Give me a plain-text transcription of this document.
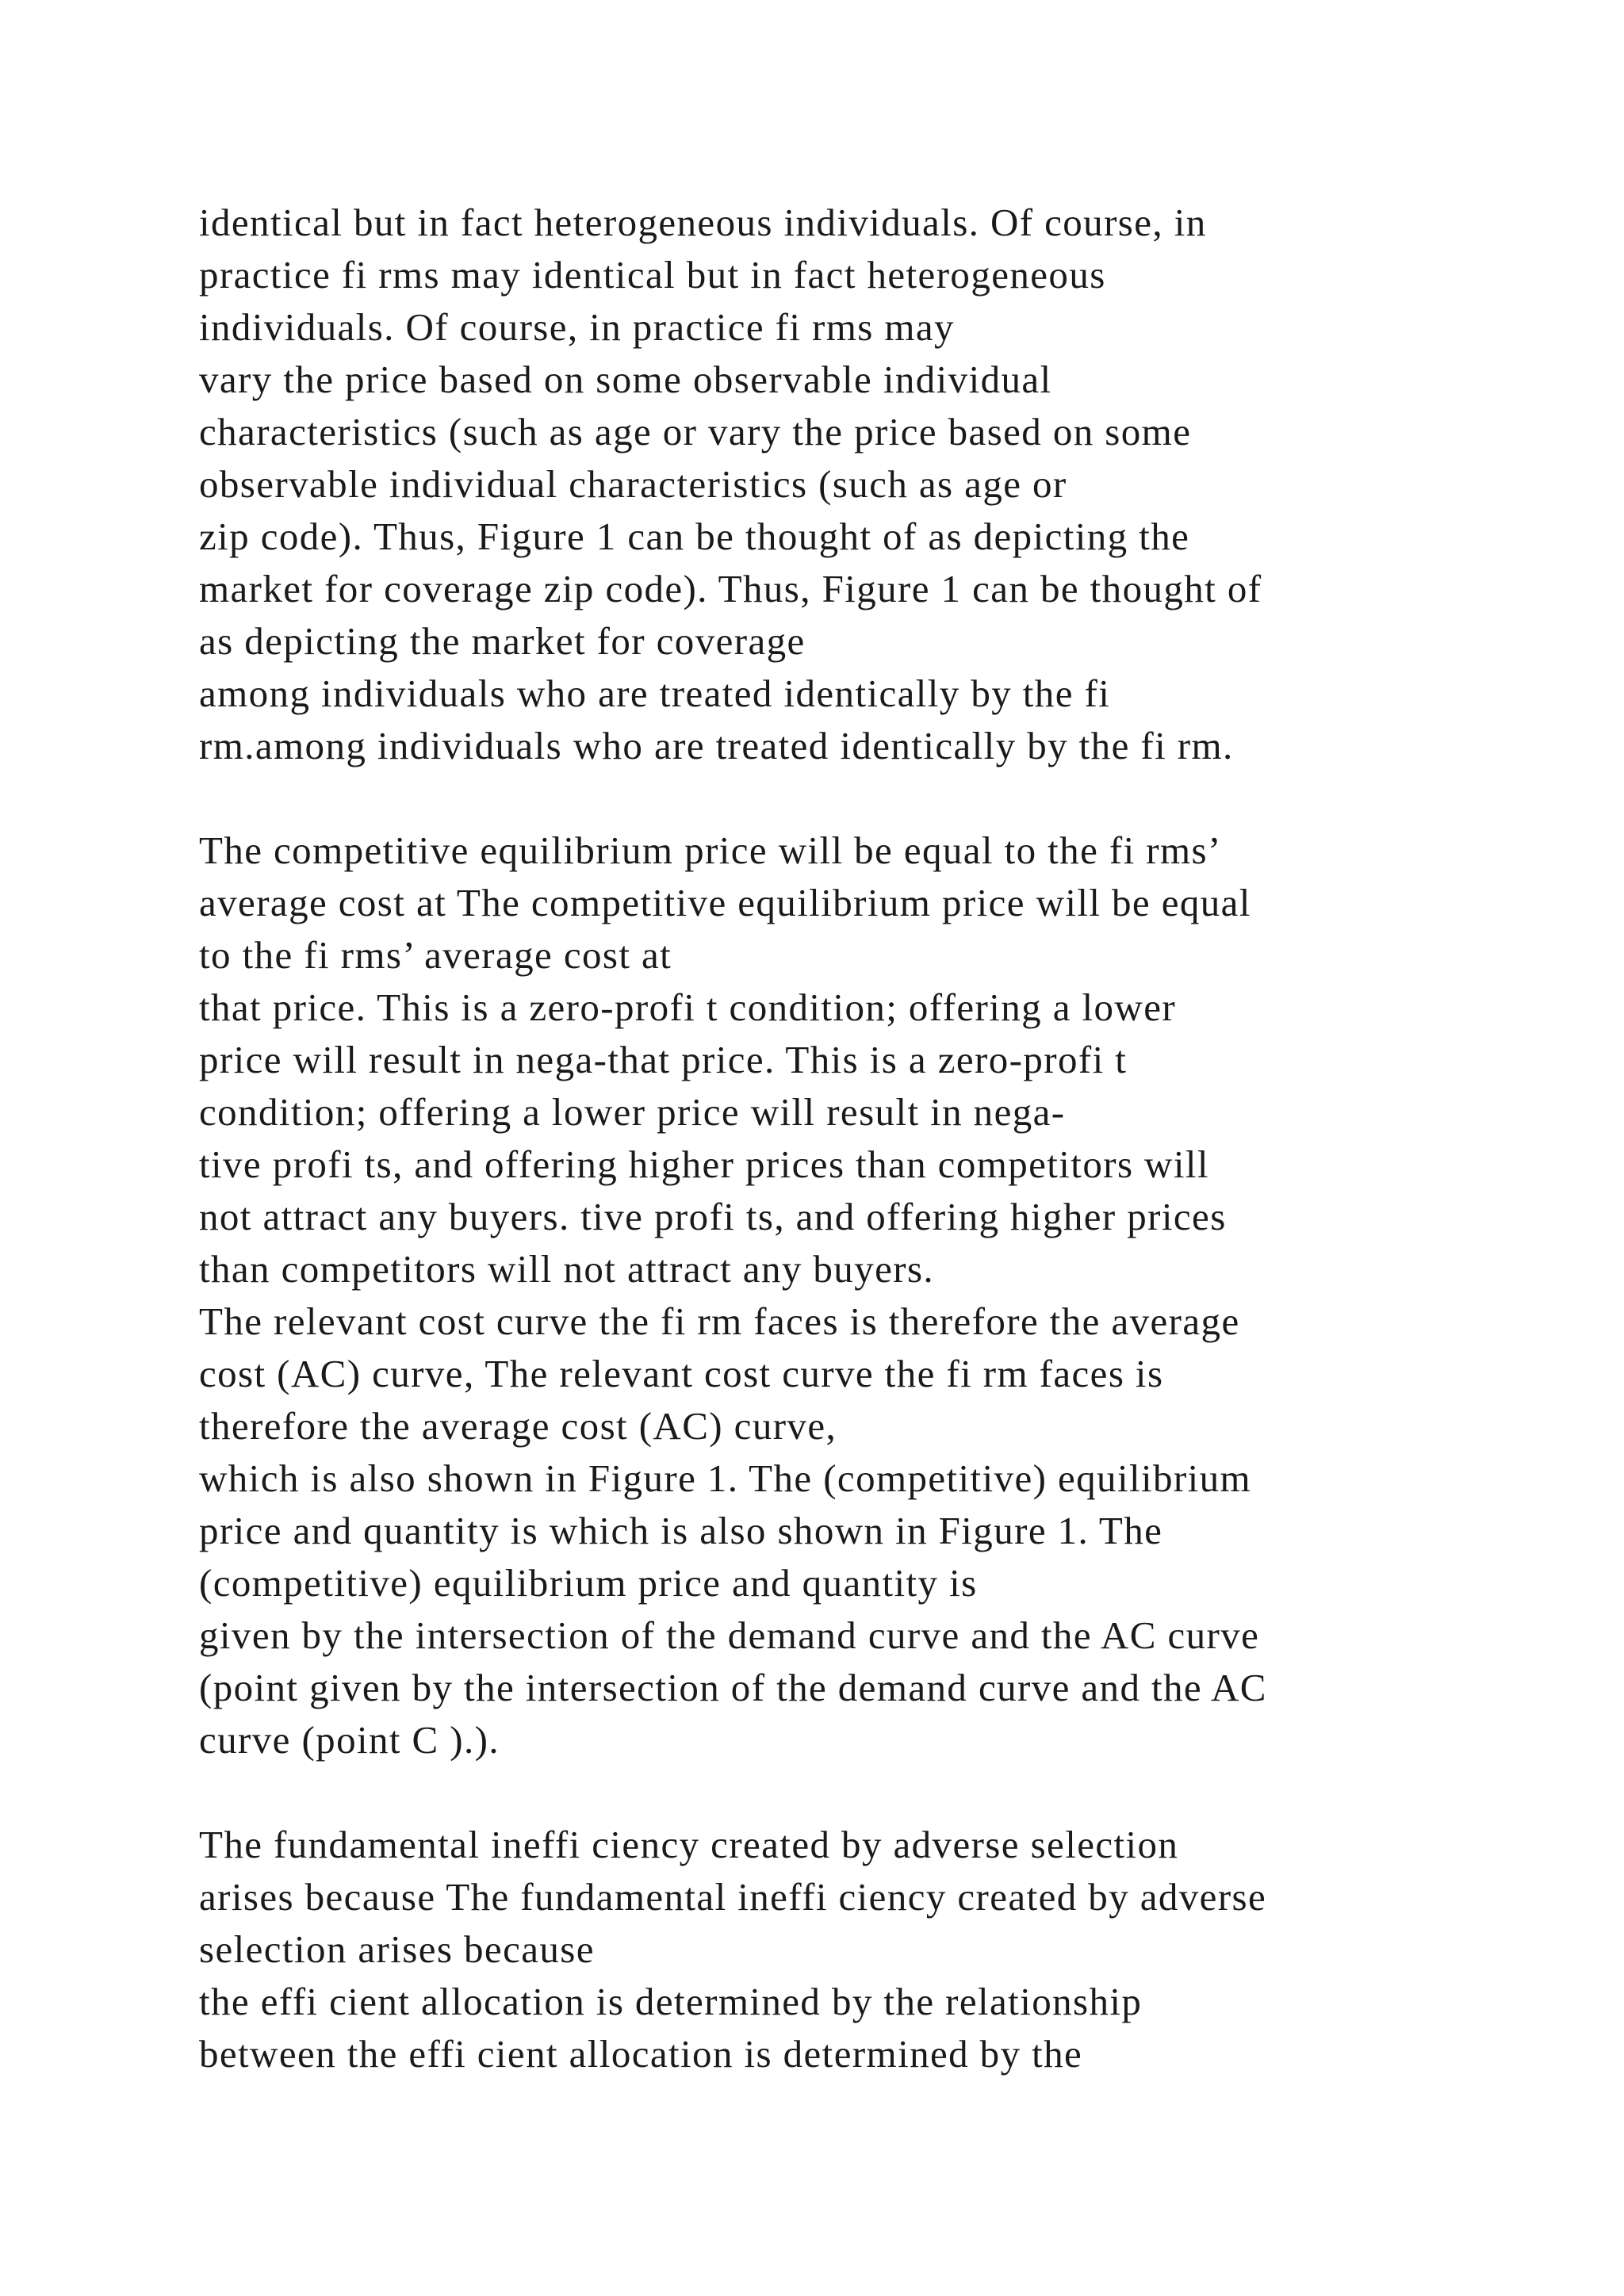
identical but in fact heterogeneous individuals. Of course, in
practice fi rms may identical but in fact heterogeneous
individuals. Of course, in practice fi rms may
vary the price based on some observable individual
characteristics (such as age or vary the price based on some
observable individual characteristics (such as age or
zip code). Thus, Figure 1 can be thought of as depicting the
market for coverage zip code). Thus, Figure 1 can be thought of
as depicting the market for coverage
among individuals who are treated identically by the fi
rm.among individuals who are treated identically by the fi rm.
The competitive equilibrium price will be equal to the fi rms’
average cost at The competitive equilibrium price will be equal
to the fi rms’ average cost at
that price. This is a zero-profi t condition; offering a lower
price will result in nega-that price. This is a zero-profi t
condition; offering a lower price will result in nega-
tive profi ts, and offering higher prices than competitors will
not attract any buyers. tive profi ts, and offering higher prices
than competitors will not attract any buyers.
The relevant cost curve the fi rm faces is therefore the average
cost (AC) curve, The relevant cost curve the fi rm faces is
therefore the average cost (AC) curve,
which is also shown in Figure 1. The (competitive) equilibrium
price and quantity is which is also shown in Figure 1. The
(competitive) equilibrium price and quantity is
given by the intersection of the demand curve and the AC curve
(point given by the intersection of the demand curve and the AC
curve (point C ).).
The fundamental ineffi ciency created by adverse selection
arises because The fundamental ineffi ciency created by adverse
selection arises because
the effi cient allocation is determined by the relationship
between the effi cient allocation is determined by the
